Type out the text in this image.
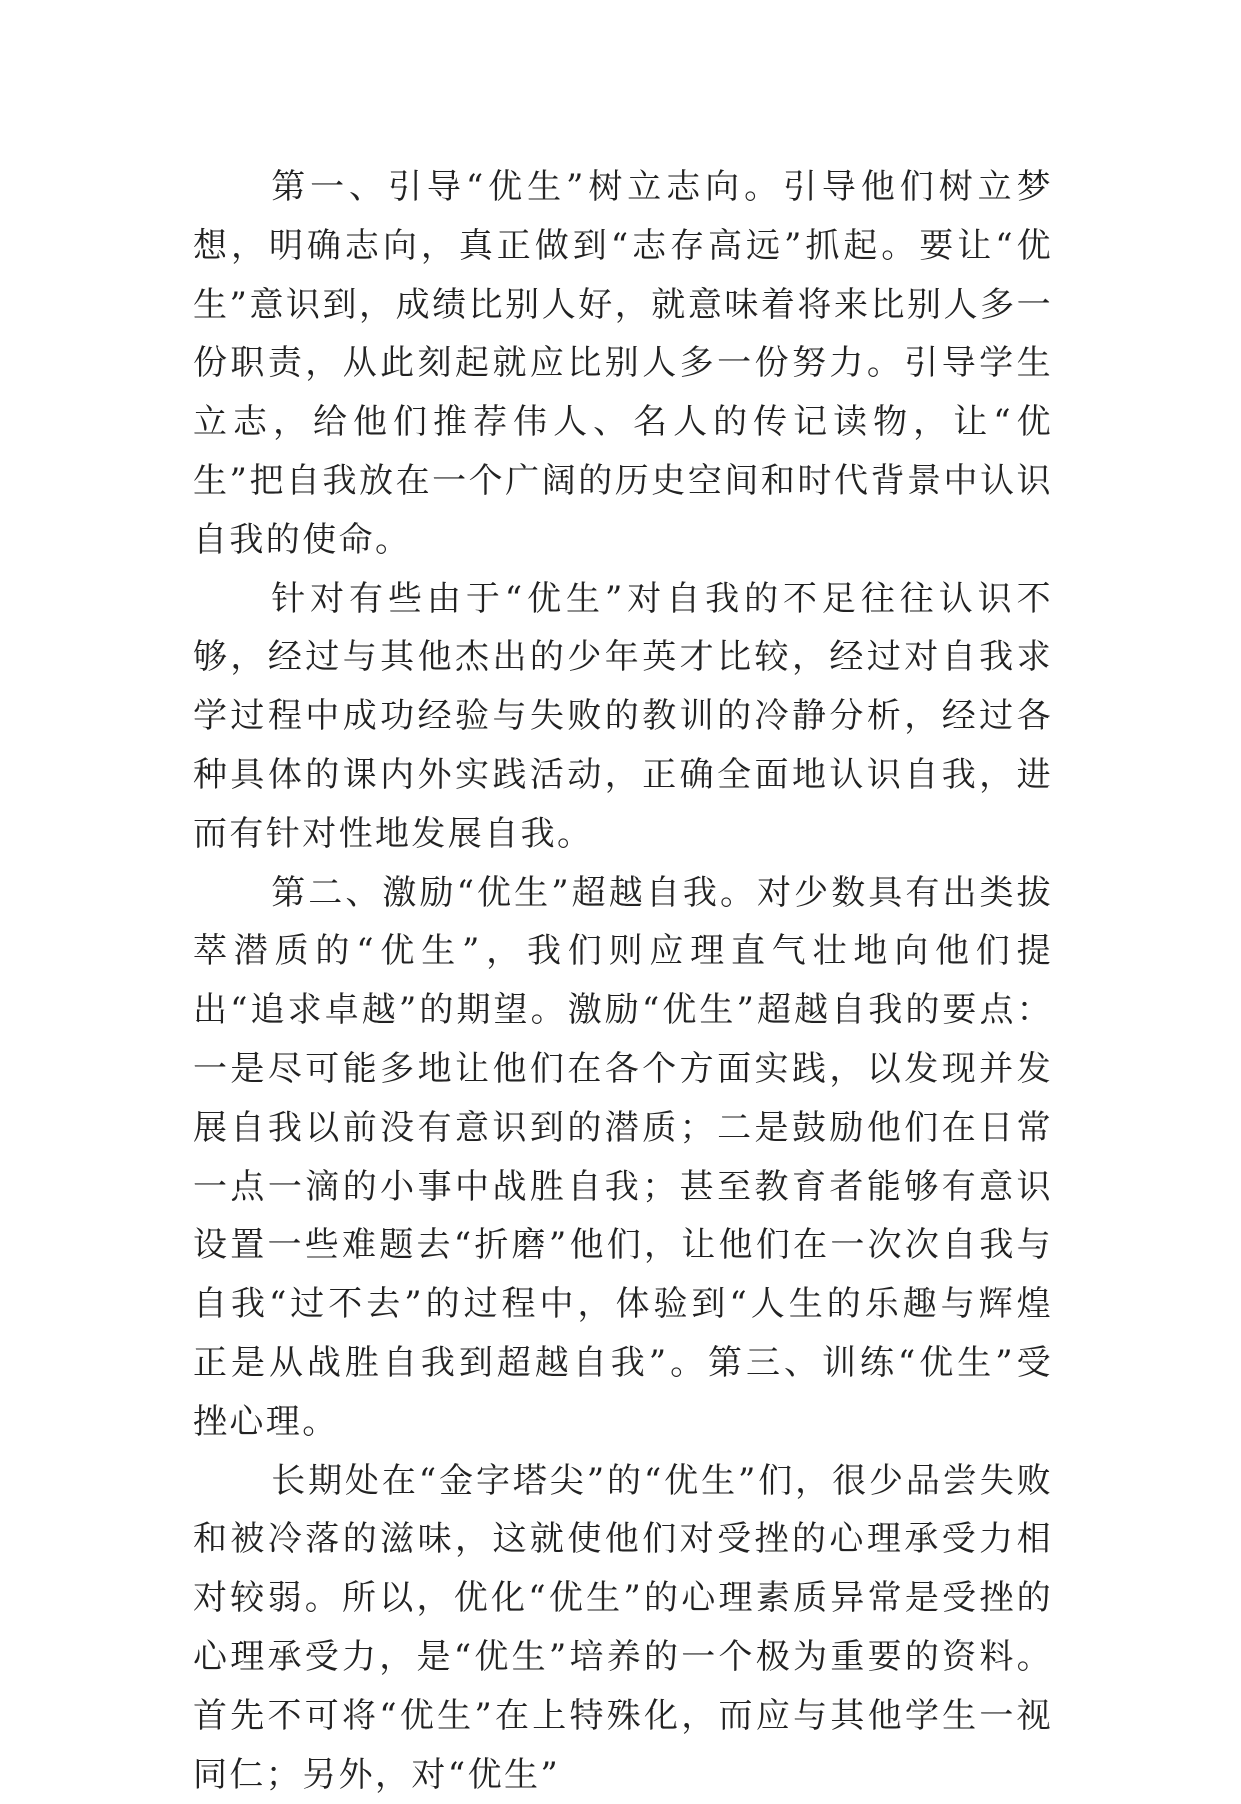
第一、引导“优生”树立志向。引导他们树立梦想，明确志向，真正做到“志存高远”抓起。要让“优生”意识到，成绩比别人好，就意味着将来比别人多一份职责，从此刻起就应比别人多一份努力。引导学生立志，给他们推荐伟人、名人的传记读物，让“优生”把自我放在一个广阔的历史空间和时代背景中认识自我的使命。

针对有些由于“优生”对自我的不足往往认识不够，经过与其他杰出的少年英才比较，经过对自我求学过程中成功经验与失败的教训的冷静分析，经过各种具体的课内外实践活动，正确全面地认识自我，进而有针对性地发展自我。

第二、激励“优生”超越自我。对少数具有出类拔萃潜质的“优生”，我们则应理直气壮地向他们提出“追求卓越”的期望。激励“优生”超越自我的要点：一是尽可能多地让他们在各个方面实践，以发现并发展自我以前没有意识到的潜质；二是鼓励他们在日常一点一滴的小事中战胜自我；甚至教育者能够有意识设置一些难题去“折磨”他们，让他们在一次次自我与自我“过不去”的过程中，体验到“人生的乐趣与辉煌正是从战胜自我到超越自我”。第三、训练“优生”受挫心理。

长期处在“金字塔尖”的“优生”们，很少品尝失败和被冷落的滋味，这就使他们对受挫的心理承受力相对较弱。所以，优化“优生”的心理素质异常是受挫的心理承受力，是“优生”培养的一个极为重要的资料。首先不可将“优生”在上特殊化，而应与其他学生一视同仁；另外，对“优生”
